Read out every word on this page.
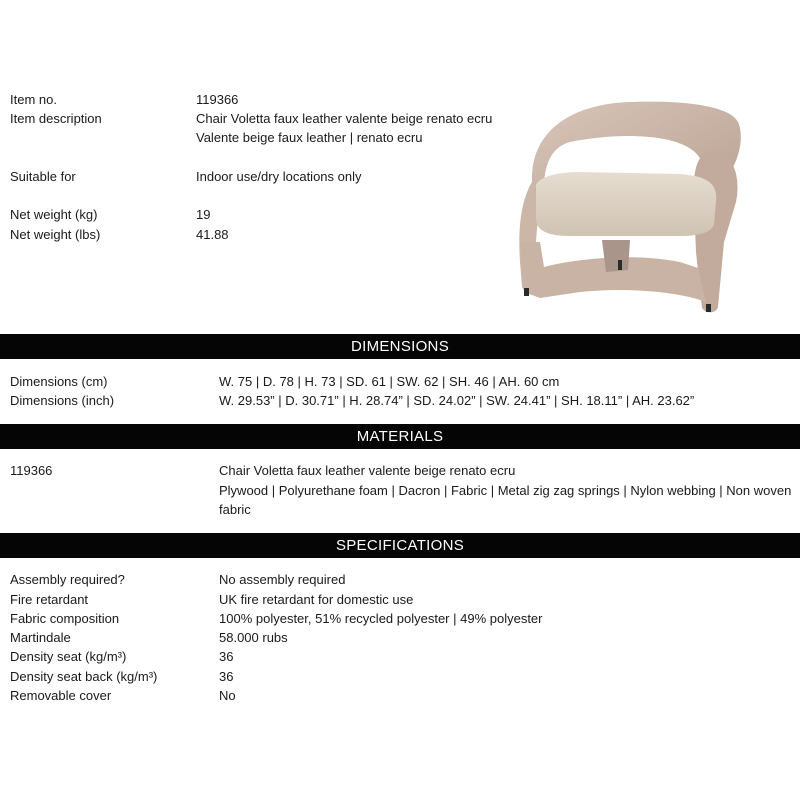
Item no.	119366
Item description	Chair Voletta faux leather valente beige renato ecru
Valente beige faux leather | renato ecru
Suitable for	Indoor use/dry locations only
Net weight (kg)	19
Net weight (lbs)	41.88
DIMENSIONS
Dimensions (cm)	W. 75 | D. 78 | H. 73 | SD. 61 | SW. 62 | SH. 46 | AH. 60 cm
Dimensions (inch)	W. 29.53” | D. 30.71” | H. 28.74” | SD. 24.02” | SW. 24.41” | SH. 18.11” | AH. 23.62”
MATERIALS
119366	Chair Voletta faux leather valente beige renato ecru
Plywood | Polyurethane foam | Dacron | Fabric | Metal zig zag springs | Nylon webbing | Non woven
fabric
SPECIFICATIONS
Assembly required?	No assembly required
Fire retardant	UK fire retardant for domestic use
Fabric composition	100% polyester, 51% recycled polyester | 49% polyester
Martindale	58.000 rubs
Density seat (kg/m³)	36
Density seat back (kg/m³)	36
Removable cover	No
